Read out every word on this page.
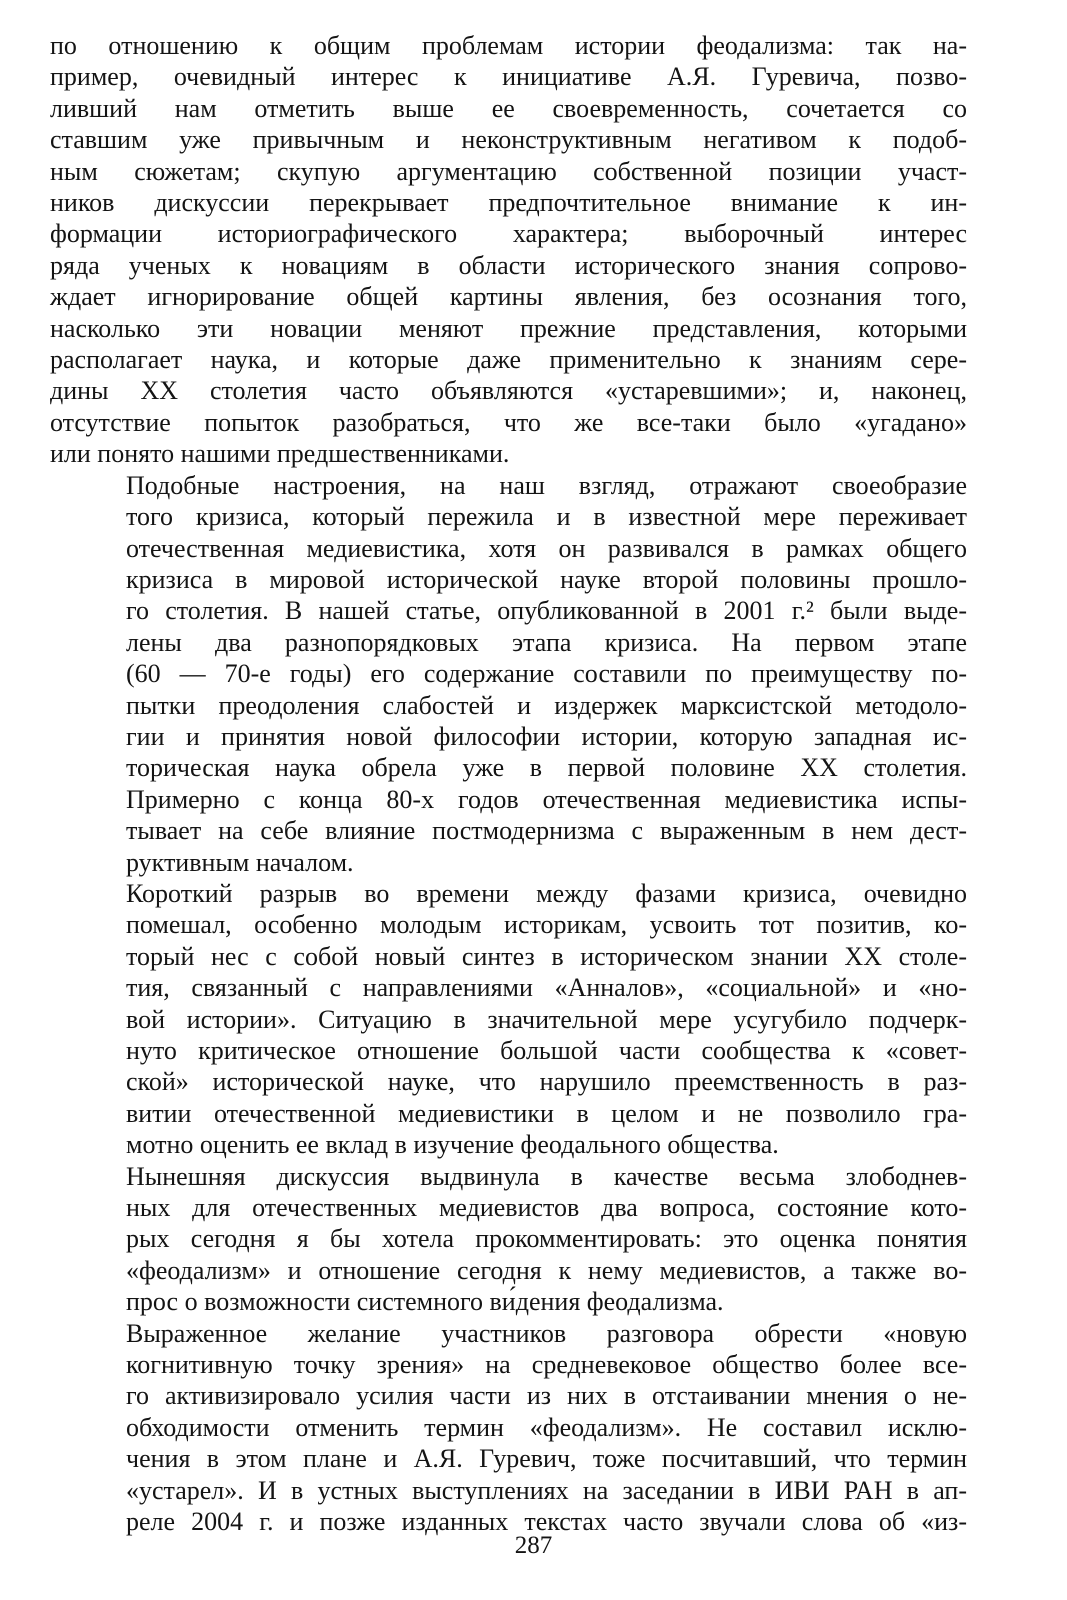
по отношению к общим проблемам истории феодализма: так на-
пример, очевидный интерес к инициативе А.Я. Гуревича, позво-
ливший нам отметить выше ее своевременность, сочетается со
ставшим уже привычным и неконструктивным негативом к подоб-
ным сюжетам; скупую аргументацию собственной позиции участ-
ников дискуссии перекрывает предпочтительное внимание к ин-
формации историографического характера; выборочный интерес
ряда ученых к новациям в области исторического знания сопрово-
ждает игнорирование общей картины явления, без осознания того,
насколько эти новации меняют прежние представления, которыми
располагает наука, и которые даже применительно к знаниям сере-
дины XX столетия часто объявляются «устаревшими»; и, наконец,
отсутствие попыток разобраться, что же все-таки было «угадано»
или понято нашими предшественниками.
Подобные настроения, на наш взгляд, отражают своеобразие
того кризиса, который пережила и в известной мере переживает
отечественная медиевистика, хотя он развивался в рамках общего
кризиса в мировой исторической науке второй половины прошло-
го столетия. В нашей статье, опубликованной в 2001 г.² были выде-
лены два разнопорядковых этапа кризиса. На первом этапе
(60 — 70-е годы) его содержание составили по преимуществу по-
пытки преодоления слабостей и издержек марксистской методоло-
гии и принятия новой философии истории, которую западная ис-
торическая наука обрела уже в первой половине XX столетия.
Примерно с конца 80-х годов отечественная медиевистика испы-
тывает на себе влияние постмодернизма с выраженным в нем дест-
руктивным началом.
Короткий разрыв во времени между фазами кризиса, очевидно
помешал, особенно молодым историкам, усвоить тот позитив, ко-
торый нес с собой новый синтез в историческом знании XX столе-
тия, связанный с направлениями «Анналов», «социальной» и «но-
вой истории». Ситуацию в значительной мере усугубило подчерк-
нуто критическое отношение большой части сообщества к «совет-
ской» исторической науке, что нарушило преемственность в раз-
витии отечественной медиевистики в целом и не позволило гра-
мотно оценить ее вклад в изучение феодального общества.
Нынешняя дискуссия выдвинула в качестве весьма злободнев-
ных для отечественных медиевистов два вопроса, состояние кото-
рых сегодня я бы хотела прокомментировать: это оценка понятия
«феодализм» и отношение сегодня к нему медиевистов, а также во-
прос о возможности системного ви́дения феодализма.
Выраженное желание участников разговора обрести «новую
когнитивную точку зрения» на средневековое общество более все-
го активизировало усилия части из них в отстаивании мнения о не-
обходимости отменить термин «феодализм». Не составил исклю-
чения в этом плане и А.Я. Гуревич, тоже посчитавший, что термин
«устарел». И в устных выступлениях на заседании в ИВИ РАН в ап-
реле 2004 г. и позже изданных текстах часто звучали слова об «из-
287
